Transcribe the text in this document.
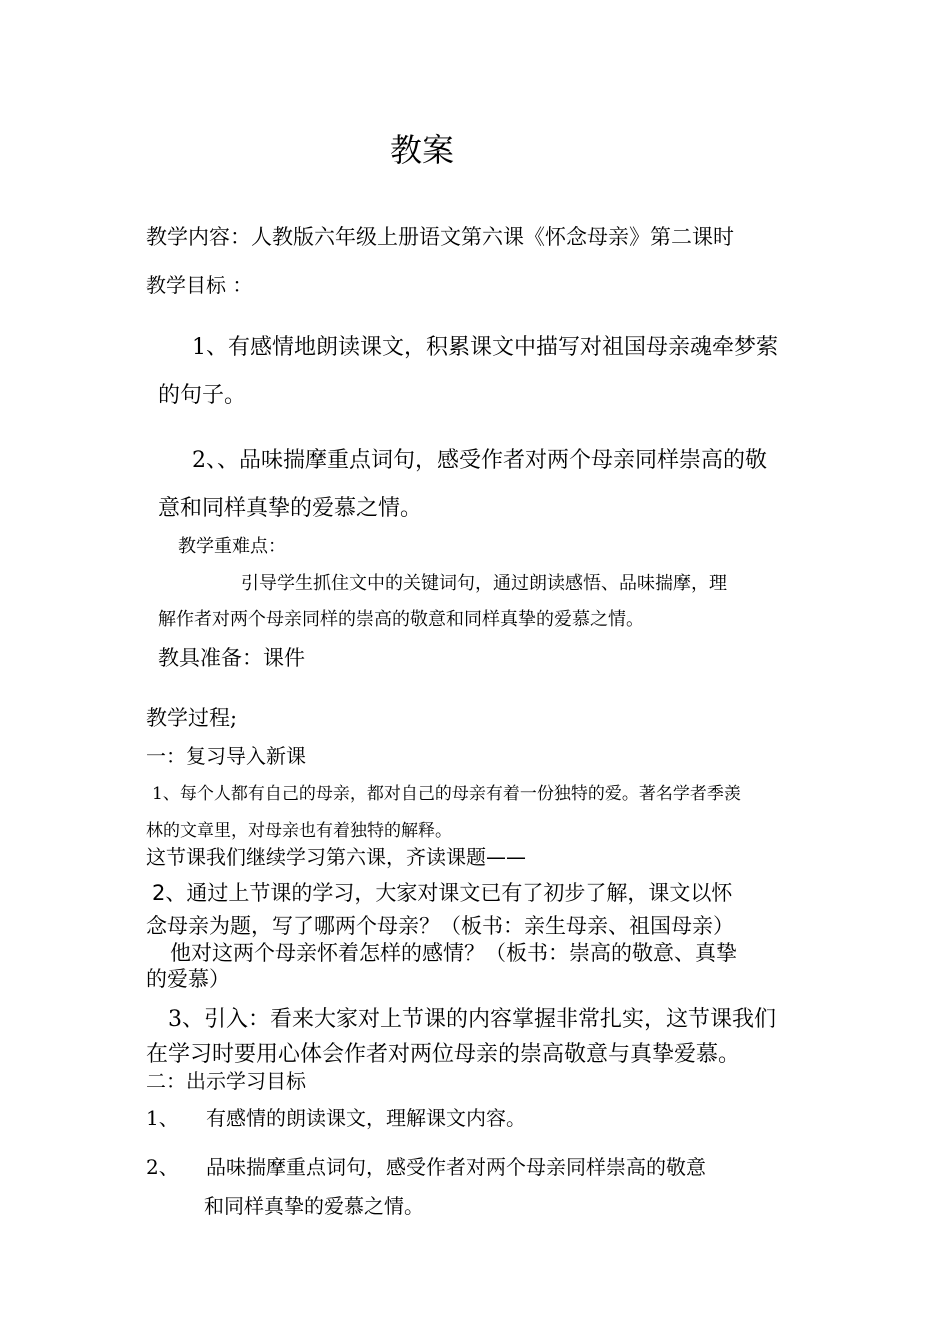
教案
教学内容：人教版六年级上册语文第六课《怀念母亲》第二课时
教学目标 ：
1、有感情地朗读课文，积累课文中描写对祖国母亲魂牵梦萦
的句子。
2、、品味揣摩重点词句，感受作者对两个母亲同样崇高的敬
意和同样真挚的爱慕之情。
教学重难点：
引导学生抓住文中的关键词句，通过朗读感悟、品味揣摩，理
解作者对两个母亲同样的崇高的敬意和同样真挚的爱慕之情。
教具准备：课件
教学过程;
一：复习导入新课
1、每个人都有自己的母亲，都对自己的母亲有着一份独特的爱。著名学者季羡
林的文章里，对母亲也有着独特的解释。
这节课我们继续学习第六课，齐读课题——
2、通过上节课的学习，大家对课文已有了初步了解，课文以怀
念母亲为题，写了哪两个母亲？（板书：亲生母亲、祖国母亲）
他对这两个母亲怀着怎样的感情？（板书：崇高的敬意、真挚
的爱慕）
3、引入：看来大家对上节课的内容掌握非常扎实，这节课我们
在学习时要用心体会作者对两位母亲的崇高敬意与真挚爱慕。
二：出示学习目标
1、 有感情的朗读课文，理解课文内容。
2、 品味揣摩重点词句，感受作者对两个母亲同样崇高的敬意
和同样真挚的爱慕之情。
